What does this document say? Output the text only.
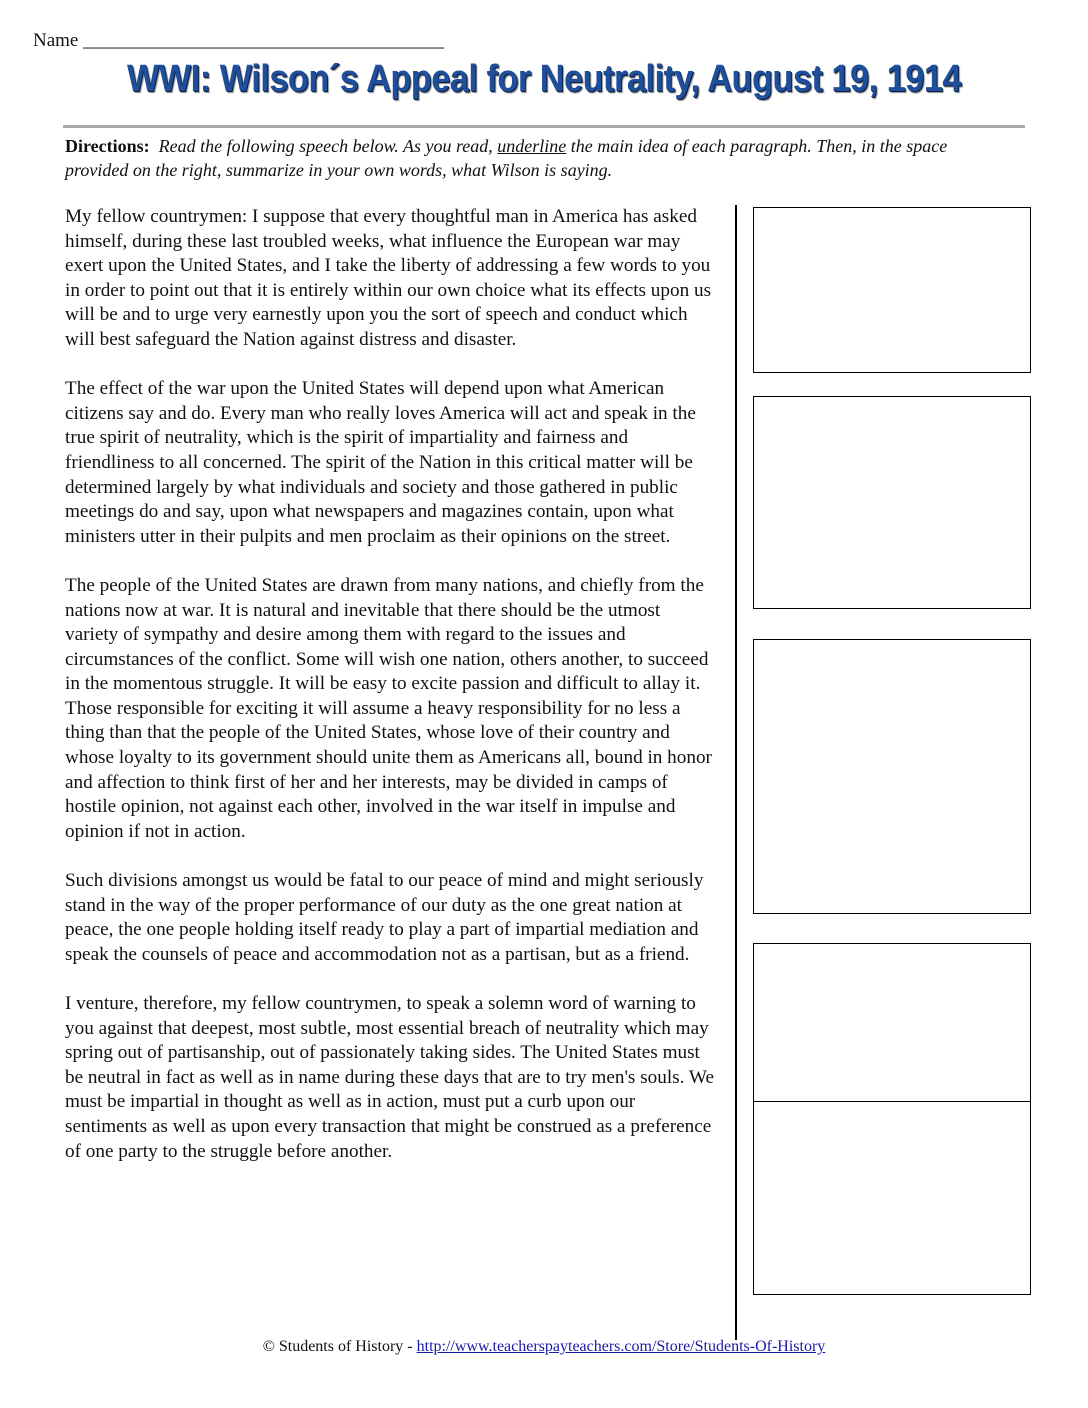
Name ______________________________________
WWI: Wilson´s Appeal for Neutrality, August 19, 1914
Directions: Read the following speech below. As you read, underline the main idea of each paragraph. Then, in the space provided on the right, summarize in your own words, what Wilson is saying.

My fellow countrymen: I suppose that every thoughtful man in America has asked himself, during these last troubled weeks, what influence the European war may exert upon the United States, and I take the liberty of addressing a few words to you in order to point out that it is entirely within our own choice what its effects upon us will be and to urge very earnestly upon you the sort of speech and conduct which will best safeguard the Nation against distress and disaster.

The effect of the war upon the United States will depend upon what American citizens say and do. Every man who really loves America will act and speak in the true spirit of neutrality, which is the spirit of impartiality and fairness and friendliness to all concerned. The spirit of the Nation in this critical matter will be determined largely by what individuals and society and those gathered in public meetings do and say, upon what newspapers and magazines contain, upon what ministers utter in their pulpits and men proclaim as their opinions on the street.

The people of the United States are drawn from many nations, and chiefly from the nations now at war. It is natural and inevitable that there should be the utmost variety of sympathy and desire among them with regard to the issues and circumstances of the conflict. Some will wish one nation, others another, to succeed in the momentous struggle. It will be easy to excite passion and difficult to allay it. Those responsible for exciting it will assume a heavy responsibility for no less a thing than that the people of the United States, whose love of their country and whose loyalty to its government should unite them as Americans all, bound in honor and affection to think first of her and her interests, may be divided in camps of hostile opinion, not against each other, involved in the war itself in impulse and opinion if not in action.

Such divisions amongst us would be fatal to our peace of mind and might seriously stand in the way of the proper performance of our duty as the one great nation at peace, the one people holding itself ready to play a part of impartial mediation and speak the counsels of peace and accommodation not as a partisan, but as a friend.

I venture, therefore, my fellow countrymen, to speak a solemn word of warning to you against that deepest, most subtle, most essential breach of neutrality which may spring out of partisanship, out of passionately taking sides. The United States must be neutral in fact as well as in name during these days that are to try men's souls. We must be impartial in thought as well as in action, must put a curb upon our sentiments as well as upon every transaction that might be construed as a preference of one party to the struggle before another.

© Students of History - http://www.teacherspayteachers.com/Store/Students-Of-History
